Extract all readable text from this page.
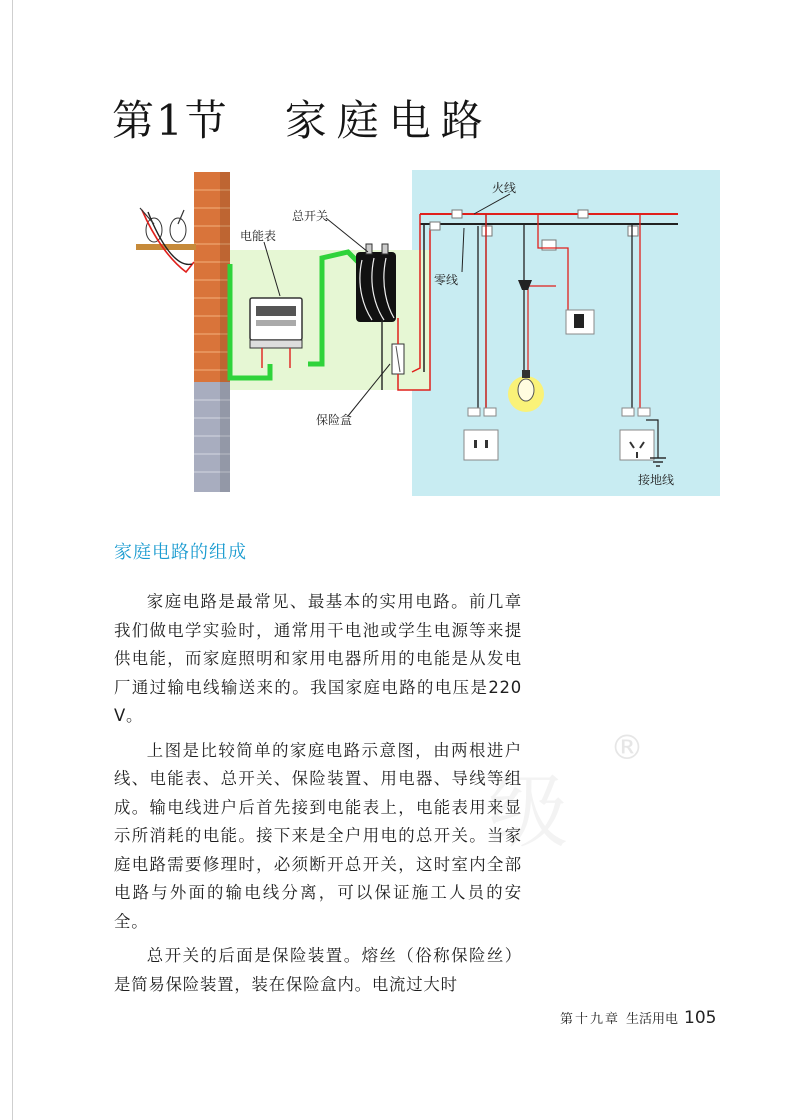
第1节 家庭电路
火线
总开关
电能表
零线
保险盒
接地线
级
®
家庭电路的组成

家庭电路是最常见、最基本的实用电路。前几章我们做电学实验时，通常用干电池或学生电源等来提供电能，而家庭照明和家用电器所用的电能是从发电厂通过输电线输送来的。我国家庭电路的电压是220 V。

上图是比较简单的家庭电路示意图，由两根进户线、电能表、总开关、保险装置、用电器、导线等组成。输电线进户后首先接到电能表上，电能表用来显示所消耗的电能。接下来是全户用电的总开关。当家庭电路需要修理时，必须断开总开关，这时室内全部电路与外面的输电线分离，可以保证施工人员的安全。

总开关的后面是保险装置。熔丝（俗称保险丝）是简易保险装置，装在保险盒内。电流过大时

第十九章 生活用电 105
